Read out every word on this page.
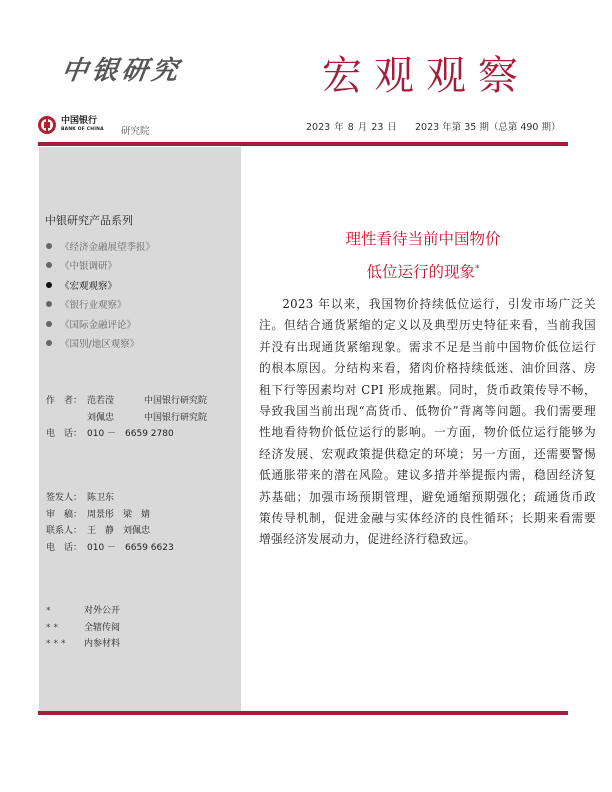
中银研究	宏观观察
中国银行
BANK OF CHINA 研究院	2023 年 8 月 23 日 2023 年第 35 期（总第 490 期）
中银研究产品系列
《经济金融展望季报》
《中银调研》
《宏观观察》
《银行业观察》
《国际金融评论》
《国别/地区观察》
作　者： 范若滢	中国银行研究院
刘佩忠	中国银行研究院
电　话： 010 －　6659 2780
签发人： 陈卫东
审　稿： 周景彤　梁　婧
联系人： 王　静　刘佩忠
电　话： 010 －　6659 6623
*	对外公开
**	全辖传阅
***	内参材料
理性看待当前中国物价
低位运行的现象*

2023 年以来，我国物价持续低位运行，引发市场广泛关注。但结合通货紧缩的定义以及典型历史特征来看，当前我国并没有出现通货紧缩现象。需求不足是当前中国物价低位运行的根本原因。分结构来看，猪肉价格持续低迷、油价回落、房租下行等因素均对 CPI 形成拖累。同时，货币政策传导不畅，导致我国当前出现“高货币、低物价”背离等问题。我们需要理性地看待物价低位运行的影响。一方面，物价低位运行能够为经济发展、宏观政策提供稳定的环境；另一方面，还需要警惕低通胀带来的潜在风险。建议多措并举提振内需，稳固经济复苏基础；加强市场预期管理，避免通缩预期强化；疏通货币政策传导机制，促进金融与实体经济的良性循环；长期来看需要增强经济发展动力，促进经济行稳致远。
